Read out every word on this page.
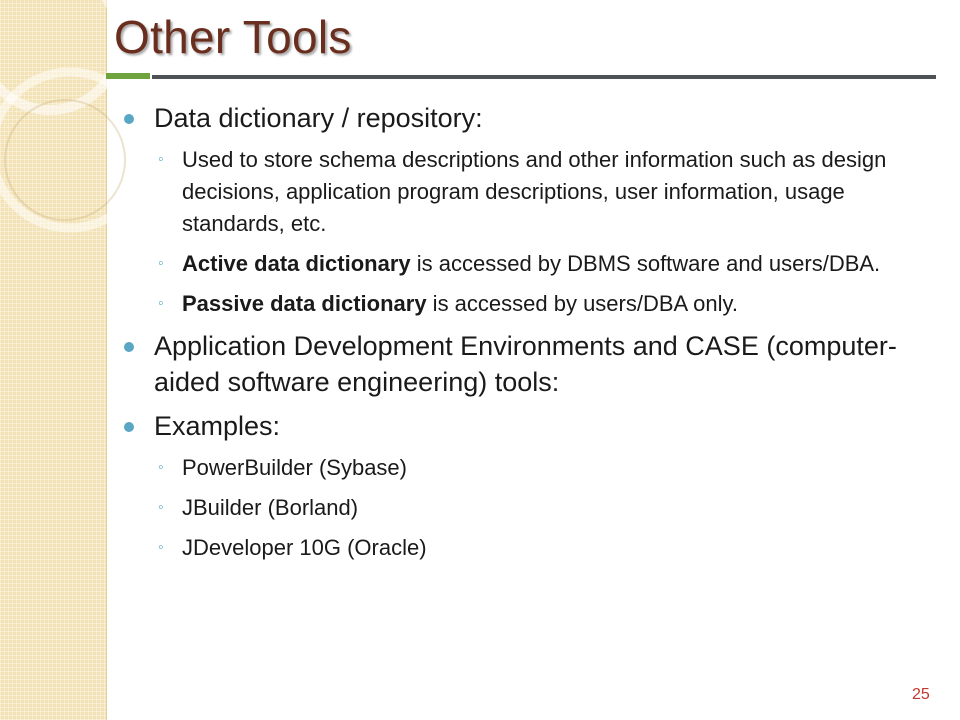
Other Tools
Data dictionary / repository:
◦ Used to store schema descriptions and other information such as design decisions, application program descriptions, user information, usage standards, etc.
◦ Active data dictionary is accessed by DBMS software and users/DBA.
◦ Passive data dictionary is accessed by users/DBA only.
Application Development Environments and CASE (computer-aided software engineering) tools:
Examples:
◦ PowerBuilder (Sybase)
◦ JBuilder (Borland)
◦ JDeveloper 10G (Oracle)
25
